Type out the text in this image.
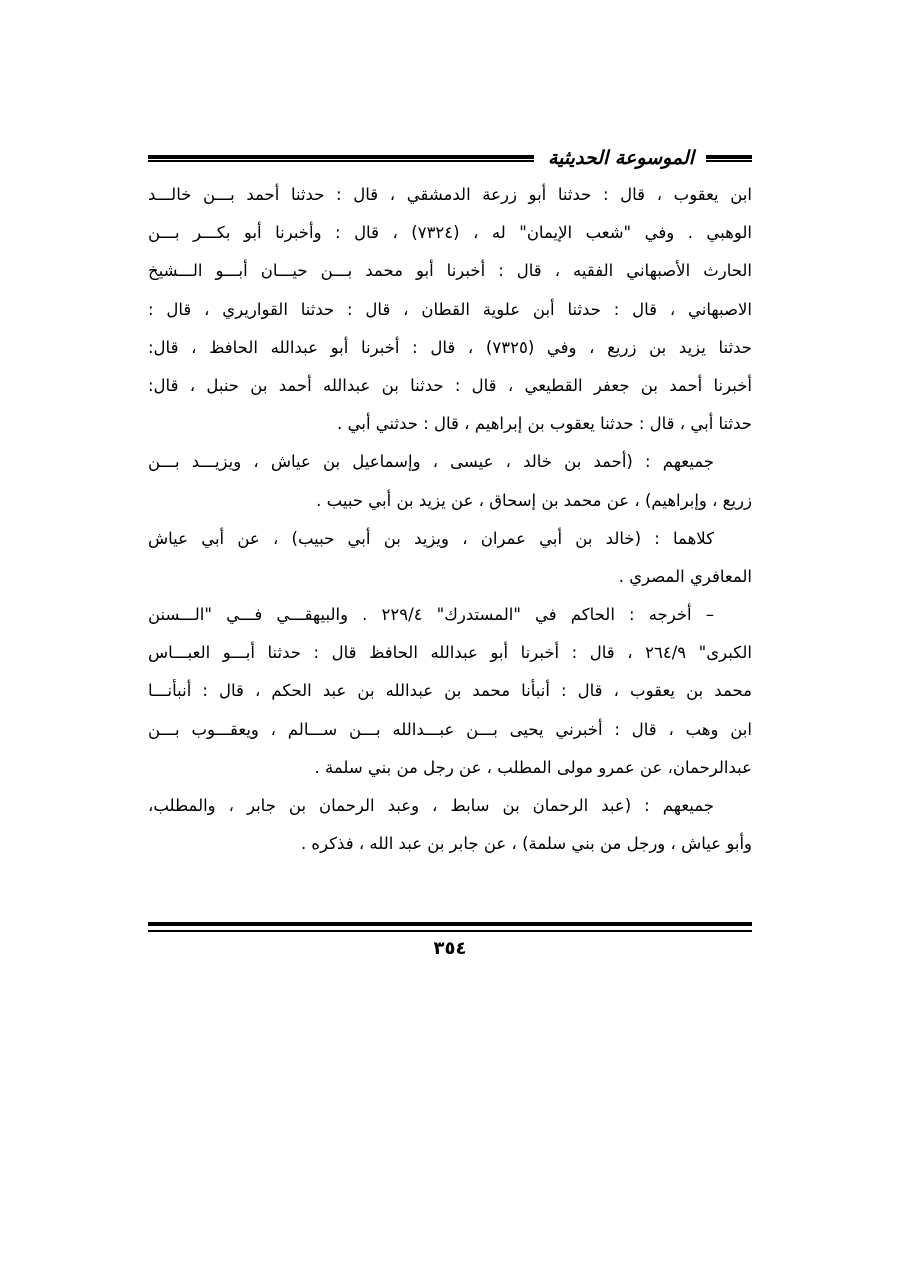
الموسوعة الحديثية
ابن يعقوب ، قال : حدثنا أبو زرعة الدمشقي ، قال : حدثنا أحمد بـــن خالـــد
الوهبي . وفي "شعب الإيمان" له ، (٧٣٢٤) ، قال : وأخبرنا أبو بكـــر بـــن
الحارث الأصبهاني الفقيه ، قال : أخبرنا أبو محمد بـــن حيـــان أبـــو الـــشيخ
الاصبهاني ، قال : حدثنا أبن علوية القطان ، قال : حدثنا القواريري ، قال :
حدثنا يزيد بن زريع ، وفي (٧٣٢٥) ، قال : أخبرنا أبو عبدالله الحافظ ، قال:
أخبرنا أحمد بن جعفر القطيعي ، قال : حدثنا بن عبدالله أحمد بن حنبل ، قال:
حدثنا أبي ، قال : حدثنا يعقوب بن إبراهيم ، قال : حدثني أبي .
جميعهم : (أحمد بن خالد ، عيسى ، وإسماعيل بن عياش ، ويزيـــد بـــن
زريع ، وإبراهيم) ، عن محمد بن إسحاق ، عن يزيد بن أبي حبيب .
كلاهما : (خالد بن أبي عمران ، ويزيد بن أبي حبيب) ، عن أبي عياش
المعافري المصري .
– أخرجه : الحاكم في "المستدرك" ٢٢٩/٤ . والبيهقـــي فـــي "الـــسنن
الكبرى" ٢٦٤/٩ ، قال : أخبرنا أبو عبدالله الحافظ قال : حدثنا أبـــو العبـــاس
محمد بن يعقوب ، قال : أنبأنا محمد بن عبدالله بن عبد الحكم ، قال : أنبأنـــا
ابن وهب ، قال : أخبرني يحيى بـــن عبـــدالله بـــن ســـالم ، ويعقـــوب بـــن
عبدالرحمان، عن عمرو مولى المطلب ، عن رجل من بني سلمة .
جميعهم : (عبد الرحمان بن سابط ، وعبد الرحمان بن جابر ، والمطلب،
وأبو عياش ، ورجل من بني سلمة) ، عن جابر بن عبد الله ، فذكره .
٣٥٤
